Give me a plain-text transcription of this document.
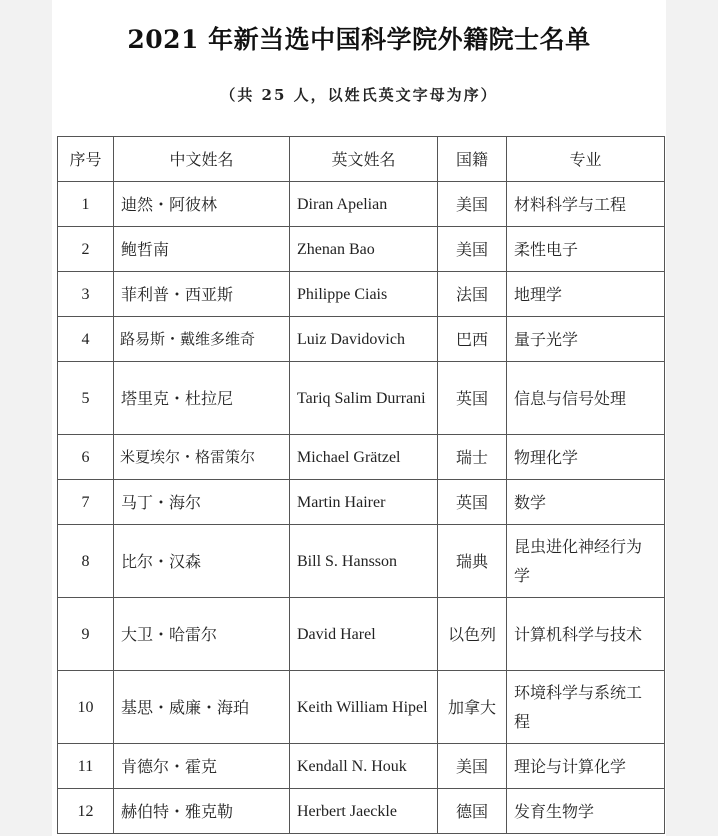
2021 年新当选中国科学院外籍院士名单
（共 25 人，以姓氏英文字母为序）
序号	中文姓名	英文姓名	国籍	专业
1	迪然・阿彼林	Diran Apelian	美国	材料科学与工程
2	鲍哲南	Zhenan Bao	美国	柔性电子
3	菲利普・西亚斯	Philippe Ciais	法国	地理学
4	路易斯・戴维多维奇	Luiz Davidovich	巴西	量子光学
5	塔里克・杜拉尼	Tariq Salim Durrani	英国	信息与信号处理
6	米夏埃尔・格雷策尔	Michael Grätzel	瑞士	物理化学
7	马丁・海尔	Martin Hairer	英国	数学
8	比尔・汉森	Bill S. Hansson	瑞典	昆虫进化神经行为学
9	大卫・哈雷尔	David Harel	以色列	计算机科学与技术
10	基思・威廉・海珀	Keith William Hipel	加拿大	环境科学与系统工程
11	肯德尔・霍克	Kendall N. Houk	美国	理论与计算化学
12	赫伯特・雅克勒	Herbert Jaeckle	德国	发育生物学
